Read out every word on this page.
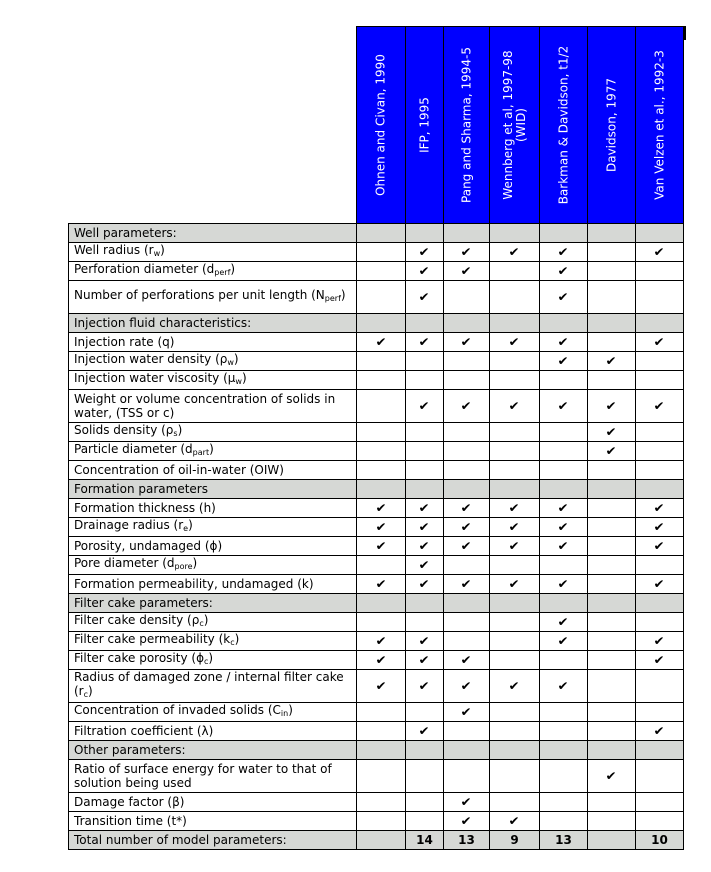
	Ohnen and Civan, 1990	IFP, 1995	Pang and Sharma, 1994-5	Wennberg et al, 1997-98 (WID)	Barkman & Davidson, t1/2	Davidson, 1977	Van Velzen et al., 1992-3

Well parameters:							
Well radius $(r_w)$		✔	✔	✔	✔		✔
Perforation diameter $(d_{perf})$		✔	✔		✔		
Number of perforations per unit length $(N_{perf})$		✔			✔		
Injection fluid characteristics:							
Injection rate (q)	✔	✔	✔	✔	✔		✔
Injection water density $(\rho_w)$					✔	✔	
Injection water viscosity $(\mu_w)$							
Weight or volume concentration of solids in water, (TSS or c)		✔	✔	✔	✔	✔	✔
Solids density $(\rho_s)$						✔	
Particle diameter $(d_{part})$						✔	
Concentration of oil-in-water (OIW)							
Formation parameters							
Formation thickness (h)	✔	✔	✔	✔	✔		✔
Drainage radius $(r_e)$	✔	✔	✔	✔	✔		✔
Porosity, undamaged (ϕ)	✔	✔	✔	✔	✔		✔
Pore diameter $(d_{pore})$		✔					
Formation permeability, undamaged (k)	✔	✔	✔	✔	✔		✔
Filter cake parameters:							
Filter cake density $(\rho_c)$					✔		
Filter cake permeability $(k_c)$	✔	✔			✔		✔
Filter cake porosity $(\phi_c)$	✔	✔	✔				✔
Radius of damaged zone / internal filter cake $(r_c)$	✔	✔	✔	✔	✔		
Concentration of invaded solids $(C_{in})$			✔				
Filtration coefficient (λ)		✔					✔
Other parameters:							
Ratio of surface energy for water to that of solution being used						✔	
Damage factor (β)			✔				
Transition time (t*)			✔	✔			
Total number of model parameters:		14	13	9	13		10
